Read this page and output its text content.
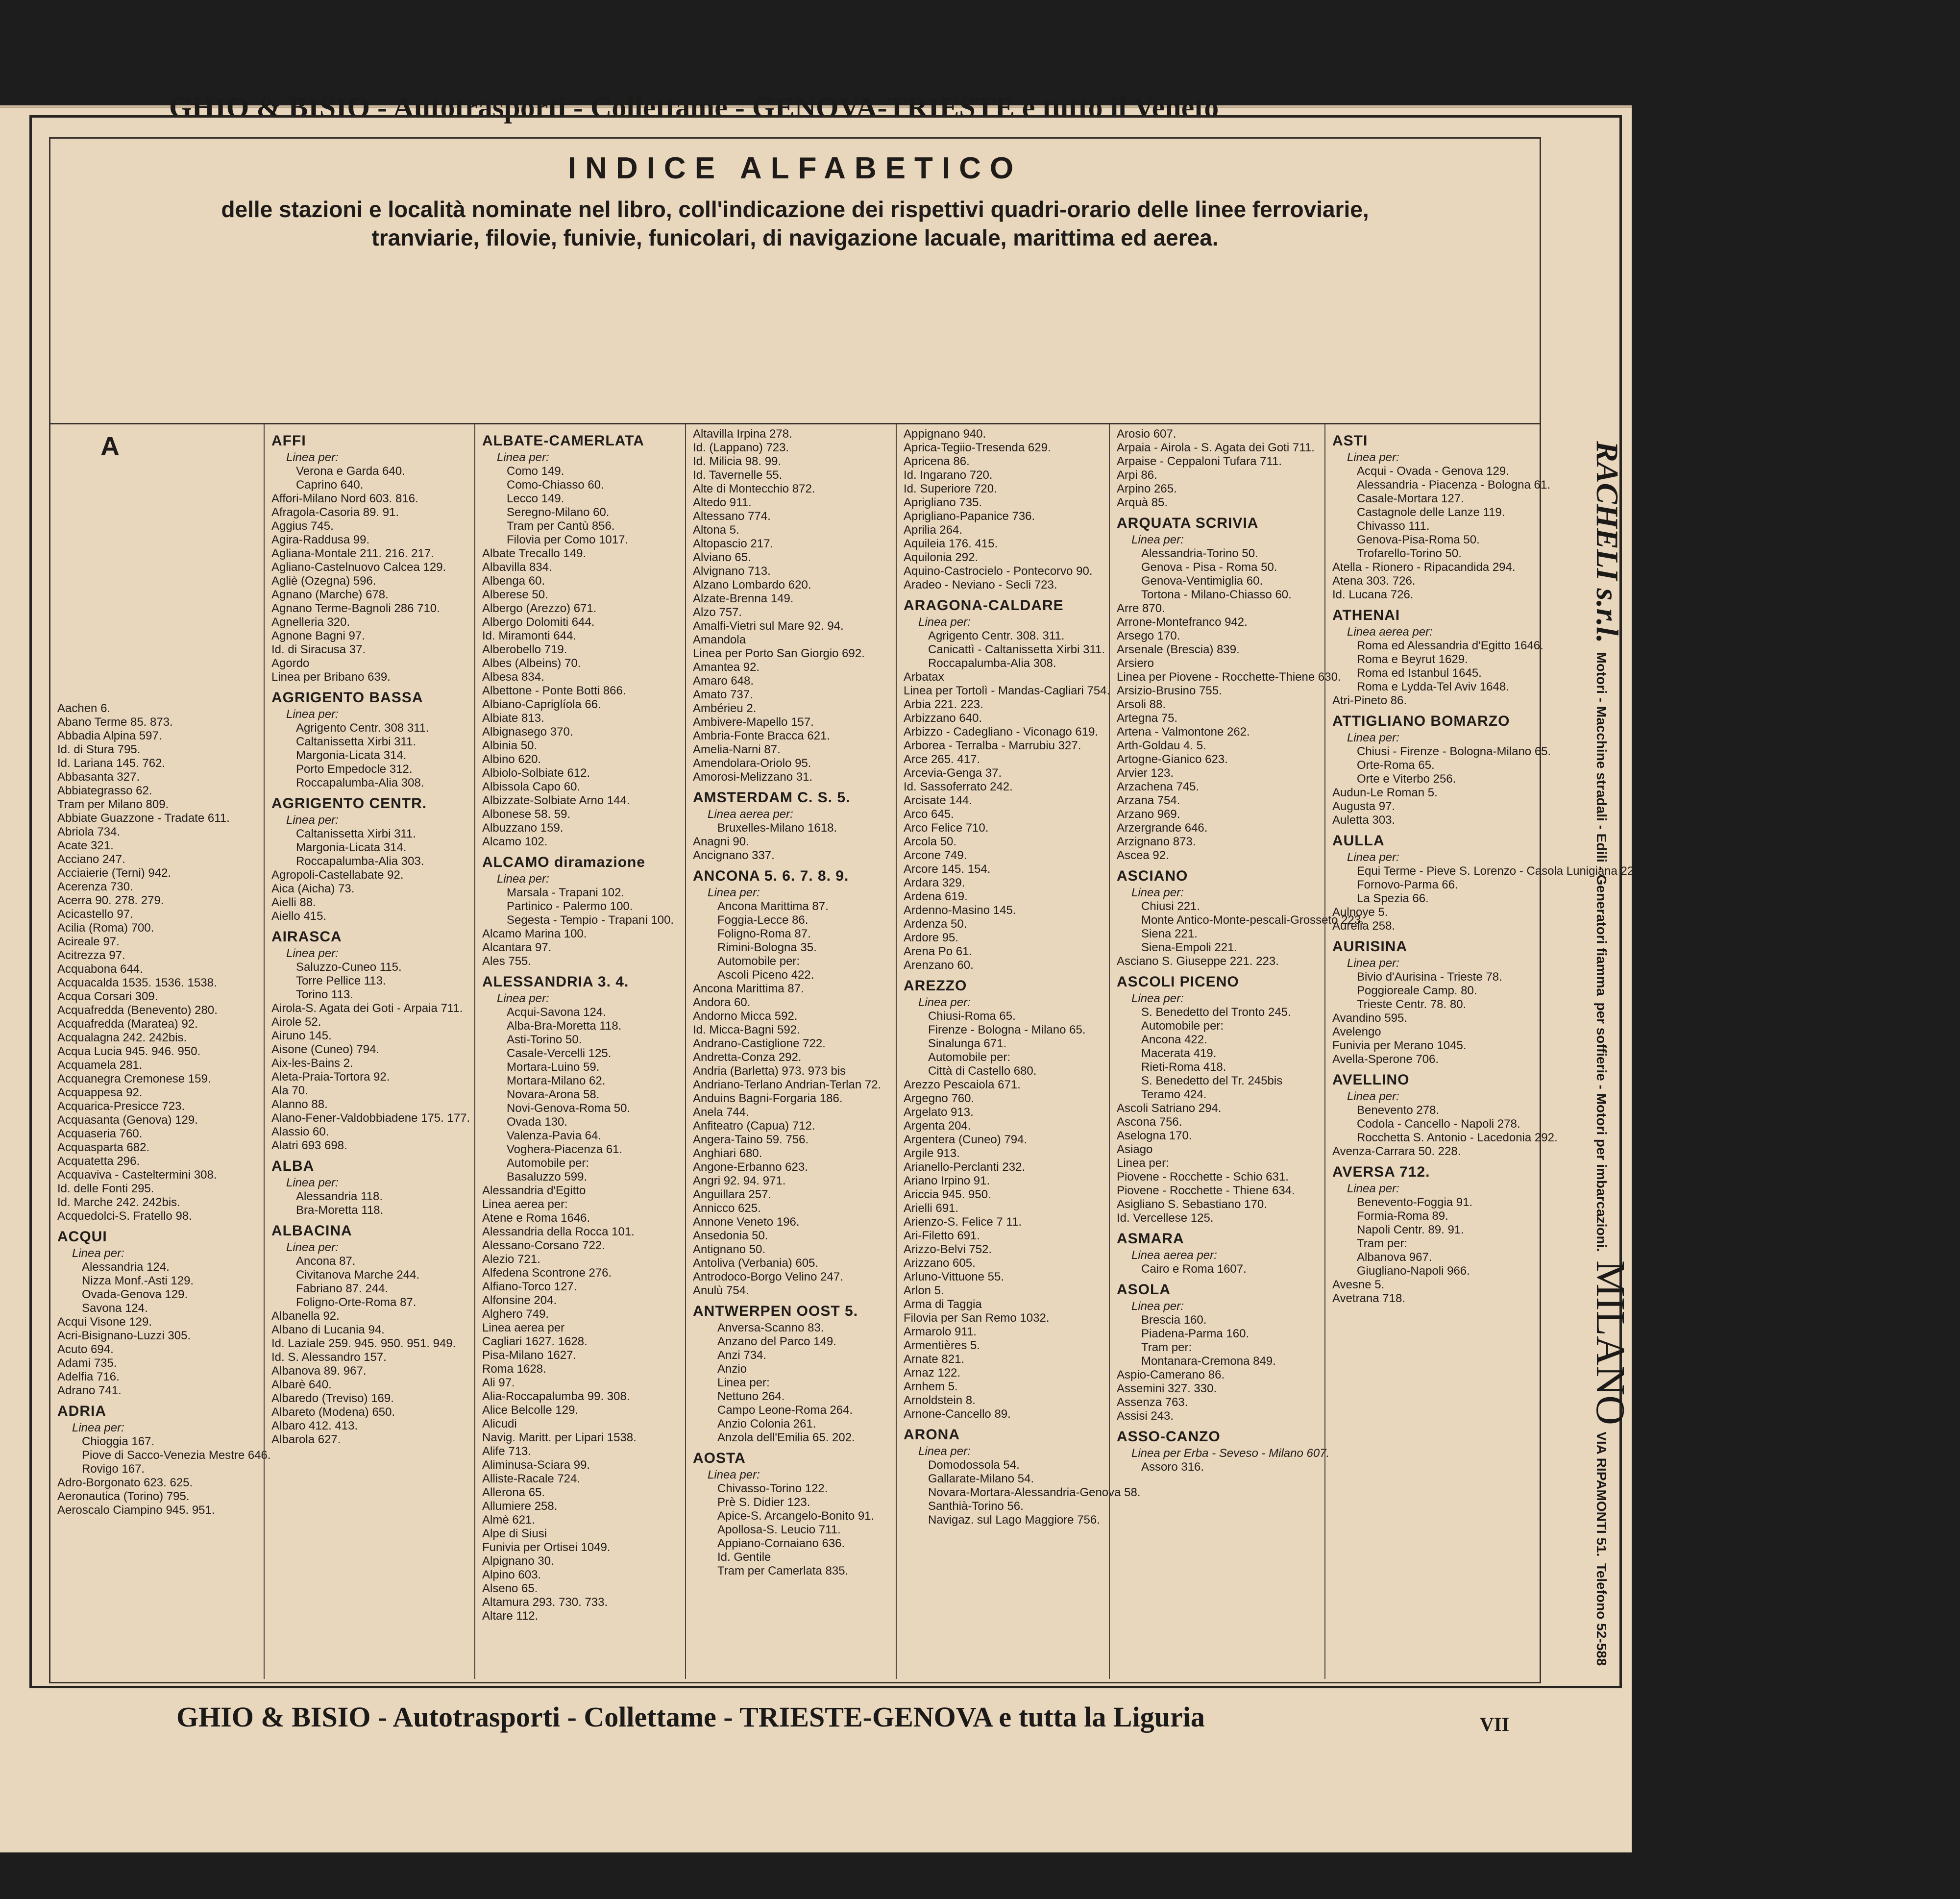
GHIO & BISIO - Autotrasporti - Collettame - GENOVA-TRIESTE e tutto il Veneto
INDICE ALFABETICO
delle stazioni e località nominate nel libro, coll'indicazione dei rispettivi quadri-orario delle linee ferroviarie,
tranviarie, filovie, funivie, funicolari, di navigazione lacuale, marittima ed aerea.
Aachen 6.
Abano Terme 85. 873.
Abbadia Alpina 597.
Id. di Stura 795.
Id. Lariana 145. 762.
Abbasanta 327.
Abbiategrasso 62.
Tram per Milano 809.
Abbiate Guazzone - Tradate 611.
Abriola 734.
Acate 321.
Acciano 247.
Acciaierie (Terni) 942.
Acerenza 730.
Acerra 90. 278. 279.
Acicastello 97.
Acilia (Roma) 700.
Acireale 97.
Acitrezza 97.
Acquabona 644.
Acquacalda 1535. 1536. 1538.
Acqua Corsari 309.
Acquafredda (Benevento) 280.
Acquafredda (Maratea) 92.
Acqualagna 242. 242bis.
Acqua Lucia 945. 946. 950.
Acquamela 281.
Acquanegra Cremonese 159.
Acquappesa 92.
Acquarica-Presicce 723.
Acquasanta (Genova) 129.
Acquaseria 760.
Acquasparta 682.
Acquatetta 296.
Acquaviva - Casteltermini 308.
Id. delle Fonti 295.
Id. Marche 242. 242bis.
Acquedolci-S. Fratello 98.
ACQUI
Linea per:
Alessandria 124.
Nizza Monf.-Asti 129.
Ovada-Genova 129.
Savona 124.
Acqui Visone 129.
Acri-Bisignano-Luzzi 305.
Acuto 694.
Adami 735.
Adelfia 716.
Adrano 741.
ADRIA
Linea per:
Chioggia 167.
Piove di Sacco-Venezia Mestre 646.
Rovigo 167.
Adro-Borgonato 623. 625.
Aeronautica (Torino) 795.
Aeroscalo Ciampino 945. 951.
AFFI
Linea per:
Verona e Garda 640.
Caprino 640.
Affori-Milano Nord 603. 816.
Afragola-Casoria 89. 91.
Aggius 745.
Agira-Raddusa 99.
Agliana-Montale 211. 216. 217.
Agliano-Castelnuovo Calcea 129.
Agliè (Ozegna) 596.
Agnano (Marche) 678.
Agnano Terme-Bagnoli 286 710.
Agnelleria 320.
Agnone Bagni 97.
Id. di Siracusa 37.
Agordo
Linea per Bribano 639.
AGRIGENTO BASSA
Linea per:
Agrigento Centr. 308 311.
Caltanissetta Xirbi 311.
Margonia-Licata 314.
Porto Empedocle 312.
Roccapalumba-Alia 308.
AGRIGENTO CENTR.
Linea per:
Caltanissetta Xirbi 311.
Margonia-Licata 314.
Roccapalumba-Alia 303.
Agropoli-Castellabate 92.
Aica (Aicha) 73.
Aielli 88.
Aiello 415.
AIRASCA
Linea per:
Saluzzo-Cuneo 115.
Torre Pellice 113.
Torino 113.
Airola-S. Agata dei Goti - Arpaia 711.
Airole 52.
Airuno 145.
Aisone (Cuneo) 794.
Aix-les-Bains 2.
Aleta-Praia-Tortora 92.
Ala 70.
Alanno 88.
Alano-Fener-Valdobbiadene 175. 177.
Alassio 60.
Alatri 693 698.
ALBA
Linea per:
Alessandria 118.
Bra-Moretta 118.
ALBACINA
Linea per:
Ancona 87.
Civitanova Marche 244.
Fabriano 87. 244.
Foligno-Orte-Roma 87.
Albanella 92.
Albano di Lucania 94.
Id. Laziale 259. 945. 950. 951. 949.
Id. S. Alessandro 157.
Albanova 89. 967.
Albarè 640.
Albaredo (Treviso) 169.
Albareto (Modena) 650.
Albaro 412. 413.
Albarola 627.
ALBATE-CAMERLATA
Linea per:
Como 149.
Como-Chiasso 60.
Lecco 149.
Seregno-Milano 60.
Tram per Cantù 856.
Filovia per Como 1017.
Albate Trecallo 149.
Albavilla 834.
Albenga 60.
Alberese 50.
Albergo (Arezzo) 671.
Albergo Dolomiti 644.
Id. Miramonti 644.
Alberobello 719.
Albes (Albeins) 70.
Albesa 834.
Albettone - Ponte Botti 866.
Albiano-Capriglíola 66.
Albiate 813.
Albignasego 370.
Albinia 50.
Albino 620.
Albiolo-Solbiate 612.
Albissola Capo 60.
Albizzate-Solbiate Arno 144.
Albonese 58. 59.
Albuzzano 159.
Alcamo 102.
ALCAMO diramazione
Linea per:
Marsala - Trapani 102.
Partinico - Palermo 100.
Segesta - Tempio - Trapani 100.
Alcamo Marina 100.
Alcantara 97.
Ales 755.
ALESSANDRIA 3. 4.
Linea per:
Acqui-Savona 124.
Alba-Bra-Moretta 118.
Asti-Torino 50.
Casale-Vercelli 125.
Mortara-Luino 59.
Mortara-Milano 62.
Novara-Arona 58.
Novi-Genova-Roma 50.
Ovada 130.
Valenza-Pavia 64.
Voghera-Piacenza 61.
Automobile per:
Basaluzzo 599.
Alessandria d'Egitto
Linea aerea per:
Atene e Roma 1646.
Alessandria della Rocca 101.
Alessano-Corsano 722.
Alezio 721.
Alfedena Scontrone 276.
Alfiano-Torco 127.
Alfonsine 204.
Alghero 749.
Linea aerea per
Cagliari 1627. 1628.
Pisa-Milano 1627.
Roma 1628.
Ali 97.
Alia-Roccapalumba 99. 308.
Alice Belcolle 129.
Alicudi
Navig. Maritt. per Lipari 1538.
Alife 713.
Aliminusa-Sciara 99.
Alliste-Racale 724.
Allerona 65.
Allumiere 258.
Almè 621.
Alpe di Siusi
Funivia per Ortisei 1049.
Alpignano 30.
Alpino 603.
Alseno 65.
Altamura 293. 730. 733.
Altare 112.
Altavilla Irpina 278.
Id. (Lappano) 723.
Id. Milicia 98. 99.
Id. Tavernelle 55.
Alte di Montecchio 872.
Altedo 911.
Altessano 774.
Altona 5.
Altopascio 217.
Alviano 65.
Alvignano 713.
Alzano Lombardo 620.
Alzate-Brenna 149.
Alzo 757.
Amalfi-Vietri sul Mare 92. 94.
Amandola
Linea per Porto San Giorgio 692.
Amantea 92.
Amaro 648.
Amato 737.
Ambérieu 2.
Ambivere-Mapello 157.
Ambria-Fonte Bracca 621.
Amelia-Narni 87.
Amendolara-Oriolo 95.
Amorosi-Melizzano 31.
AMSTERDAM C. S. 5.
Linea aerea per:
Bruxelles-Milano 1618.
Anagni 90.
Ancignano 337.
ANCONA 5. 6. 7. 8. 9.
Linea per:
Ancona Marittima 87.
Foggia-Lecce 86.
Foligno-Roma 87.
Rimini-Bologna 35.
Automobile per:
Ascoli Piceno 422.
Ancona Marittima 87.
Andora 60.
Andorno Micca 592.
Id. Micca-Bagni 592.
Andrano-Castiglione 722.
Andretta-Conza 292.
Andria (Barletta) 973. 973 bis
Andriano-Terlano Andrian-Terlan 72.
Anduins Bagni-Forgaria 186.
Anela 744.
Anfiteatro (Capua) 712.
Angera-Taino 59. 756.
Anghiari 680.
Angone-Erbanno 623.
Angri 92. 94. 971.
Anguillara 257.
Annicco 625.
Annone Veneto 196.
Ansedonia 50.
Antignano 50.
Antoliva (Verbania) 605.
Antrodoco-Borgo Velino 247.
Anulù 754.
ANTWERPEN OOST 5.
Anversa-Scanno 83.
Anzano del Parco 149.
Anzi 734.
Anzio
Linea per:
Nettuno 264.
Campo Leone-Roma 264.
Anzio Colonia 261.
Anzola dell'Emilia 65. 202.
AOSTA
Linea per:
Chivasso-Torino 122.
Prè S. Didier 123.
Apice-S. Arcangelo-Bonito 91.
Apollosa-S. Leucio 711.
Appiano-Cornaiano 636.
Id. Gentile
Tram per Camerlata 835.
Appignano 940.
Aprica-Tegiio-Tresenda 629.
Apricena 86.
Id. Ingarano 720.
Id. Superiore 720.
Aprigliano 735.
Aprigliano-Papanice 736.
Aprilia 264.
Aquileia 176. 415.
Aquilonia 292.
Aquino-Castrocielo - Pontecorvo 90.
Aradeo - Neviano - Secli 723.
ARAGONA-CALDARE
Linea per:
Agrigento Centr. 308. 311.
Canicattì - Caltanissetta Xirbi 311.
Roccapalumba-Alia 308.
Arbatax
Linea per Tortolì - Mandas-Cagliari 754.
Arbia 221. 223.
Arbizzano 640.
Arbizzo - Cadegliano - Viconago 619.
Arborea - Terralba - Marrubiu 327.
Arce 265. 417.
Arcevia-Genga 37.
Id. Sassoferrato 242.
Arcisate 144.
Arco 645.
Arco Felice 710.
Arcola 50.
Arcone 749.
Arcore 145. 154.
Ardara 329.
Ardena 619.
Ardenno-Masino 145.
Ardenza 50.
Ardore 95.
Arena Po 61.
Arenzano 60.
AREZZO
Linea per:
Chiusi-Roma 65.
Firenze - Bologna - Milano 65.
Sinalunga 671.
Automobile per:
Città di Castello 680.
Arezzo Pescaiola 671.
Argegno 760.
Argelato 913.
Argenta 204.
Argentera (Cuneo) 794.
Argile 913.
Arianello-Perclanti 232.
Ariano Irpino 91.
Ariccia 945. 950.
Arielli 691.
Arienzo-S. Felice 7 11.
Ari-Filetto 691.
Arizzo-Belvi 752.
Arizzano 605.
Arluno-Vittuone 55.
Arlon 5.
Arma di Taggia
Filovia per San Remo 1032.
Armarolo 911.
Armentières 5.
Arnate 821.
Arnaz 122.
Arnhem 5.
Arnoldstein 8.
Arnone-Cancello 89.
ARONA
Linea per:
Domodossola 54.
Gallarate-Milano 54.
Novara-Mortara-Alessandria-Genova 58.
Santhià-Torino 56.
Navigaz. sul Lago Maggiore 756.
Arosio 607.
Arpaia - Airola - S. Agata dei Goti 711.
Arpaise - Ceppaloni Tufara 711.
Arpi 86.
Arpino 265.
Arquà 85.
ARQUATA SCRIVIA
Linea per:
Alessandria-Torino 50.
Genova - Pisa - Roma 50.
Genova-Ventimiglia 60.
Tortona - Milano-Chiasso 60.
Arre 870.
Arrone-Montefranco 942.
Arsego 170.
Arsenale (Brescia) 839.
Arsiero
Linea per Piovene - Rocchette-Thiene 630.
Arsizio-Brusino 755.
Arsoli 88.
Artegna 75.
Artena - Valmontone 262.
Arth-Goldau 4. 5.
Artogne-Gianico 623.
Arvier 123.
Arzachena 745.
Arzana 754.
Arzano 969.
Arzergrande 646.
Arzignano 873.
Ascea 92.
ASCIANO
Linea per:
Chiusi 221.
Monte Antico-Monte-pescali-Grosseto 223.
Siena 221.
Siena-Empoli 221.
Asciano S. Giuseppe 221. 223.
ASCOLI PICENO
Linea per:
S. Benedetto del Tronto 245.
Automobile per:
Ancona 422.
Macerata 419.
Rieti-Roma 418.
S. Benedetto del Tr. 245bis
Teramo 424.
Ascoli Satriano 294.
Ascona 756.
Aselogna 170.
Asiago
Linea per:
Piovene - Rocchette - Schio 631.
Piovene - Rocchette - Thiene 634.
Asigliano S. Sebastiano 170.
Id. Vercellese 125.
ASMARA
Linea aerea per:
Cairo e Roma 1607.
ASOLA
Linea per:
Brescia 160.
Piadena-Parma 160.
Tram per:
Montanara-Cremona 849.
Aspio-Camerano 86.
Assemini 327. 330.
Assenza 763.
Assisi 243.
ASSO-CANZO
Linea per Erba - Seveso - Milano 607.
Assoro 316.
ASTI
Linea per:
Acqui - Ovada - Genova 129.
Alessandria - Piacenza - Bologna 61.
Casale-Mortara 127.
Castagnole delle Lanze 119.
Chivasso 111.
Genova-Pisa-Roma 50.
Trofarello-Torino 50.
Atella - Rionero - Ripacandida 294.
Atena 303. 726.
Id. Lucana 726.
ATHENAI
Linea aerea per:
Roma ed Alessandria d'Egitto 1646.
Roma e Beyrut 1629.
Roma ed Istanbul 1645.
Roma e Lydda-Tel Aviv 1648.
Atri-Pineto 86.
ATTIGLIANO BOMARZO
Linea per:
Chiusi - Firenze - Bologna-Milano 65.
Orte-Roma 65.
Orte e Viterbo 256.
Audun-Le Roman 5.
Augusta 97.
Auletta 303.
AULLA
Linea per:
Equi Terme - Pieve S. Lorenzo - Casola Lunigiana 225.
Fornovo-Parma 66.
La Spezia 66.
Aulnoye 5.
Aurelia 258.
AURISINA
Linea per:
Bivio d'Aurisina - Trieste 78.
Poggioreale Camp. 80.
Trieste Centr. 78. 80.
Avandino 595.
Avelengo
Funivia per Merano 1045.
Avella-Sperone 706.
AVELLINO
Linea per:
Benevento 278.
Codola - Cancello - Napoli 278.
Rocchetta S. Antonio - Lacedonia 292.
Avenza-Carrara 50. 228.
AVERSA 712.
Linea per:
Benevento-Foggia 91.
Formia-Roma 89.
Napoli Centr. 89. 91.
Tram per:
Albanova 967.
Giugliano-Napoli 966.
Avesne 5.
Avetrana 718.
A
GHIO & BISIO - Autotrasporti - Collettame - TRIESTE-GENOVA e tutta la Liguria	VII
RACHELI s.r.l.    Motori - Macchine stradali - Edili - Generatori fiamma   per soffierie - Motori per imbarcazioni.    MILANO   VIA RIPAMONTI 51.   Telefono 52-588
